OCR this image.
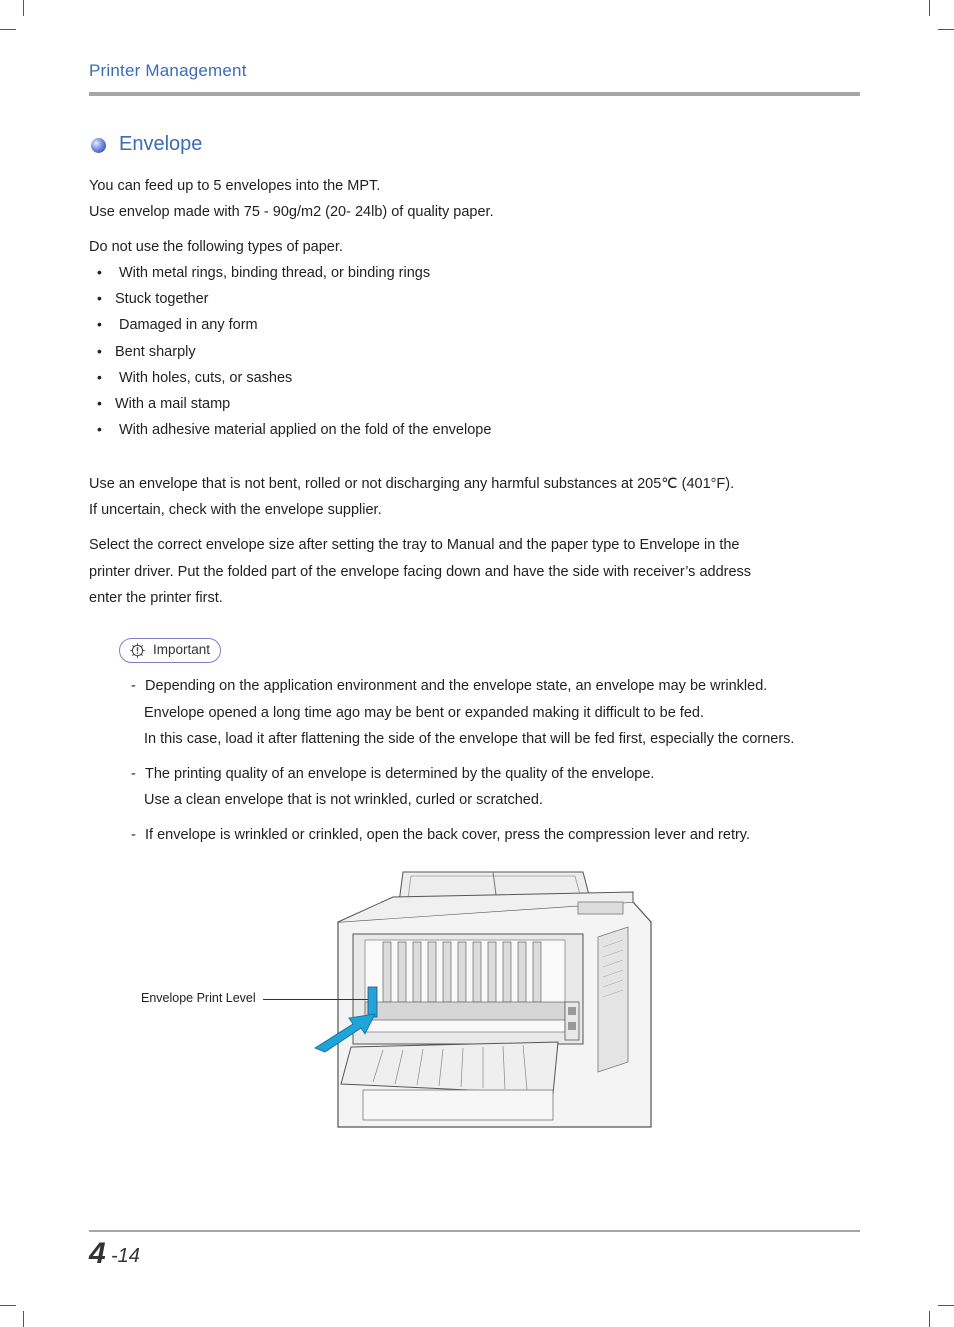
Printer Management
Envelope
You can feed up to 5 envelopes into the MPT.
Use envelop made with 75 - 90g/m2 (20- 24lb) of quality paper.
Do not use the following types of paper.
• With metal rings, binding thread, or binding rings
• Stuck together
• Damaged in any form
• Bent sharply
• With holes, cuts, or sashes
• With a mail stamp
• With adhesive material applied on the fold of the envelope
Use an envelope that is not bent, rolled or not discharging any harmful substances at 205℃ (401°F).
If uncertain, check with the envelope supplier.
Select the correct envelope size after setting the tray to Manual and the paper type to Envelope in the
printer driver. Put the folded part of the envelope facing down and have the side with receiver’s address
enter the printer first.
Important
- Depending on the application environment and the envelope state, an envelope may be wrinkled.
Envelope opened a long time ago may be bent or expanded making it difficult to be fed.
In this case, load it after flattening the side of the envelope that will be fed first, especially the corners.
- The printing quality of an envelope is determined by the quality of the envelope.
Use a clean envelope that is not wrinkled, curled or scratched.
- If envelope is wrinkled or crinkled, open the back cover, press the compression lever and retry.
Envelope Print Level
4 -14
